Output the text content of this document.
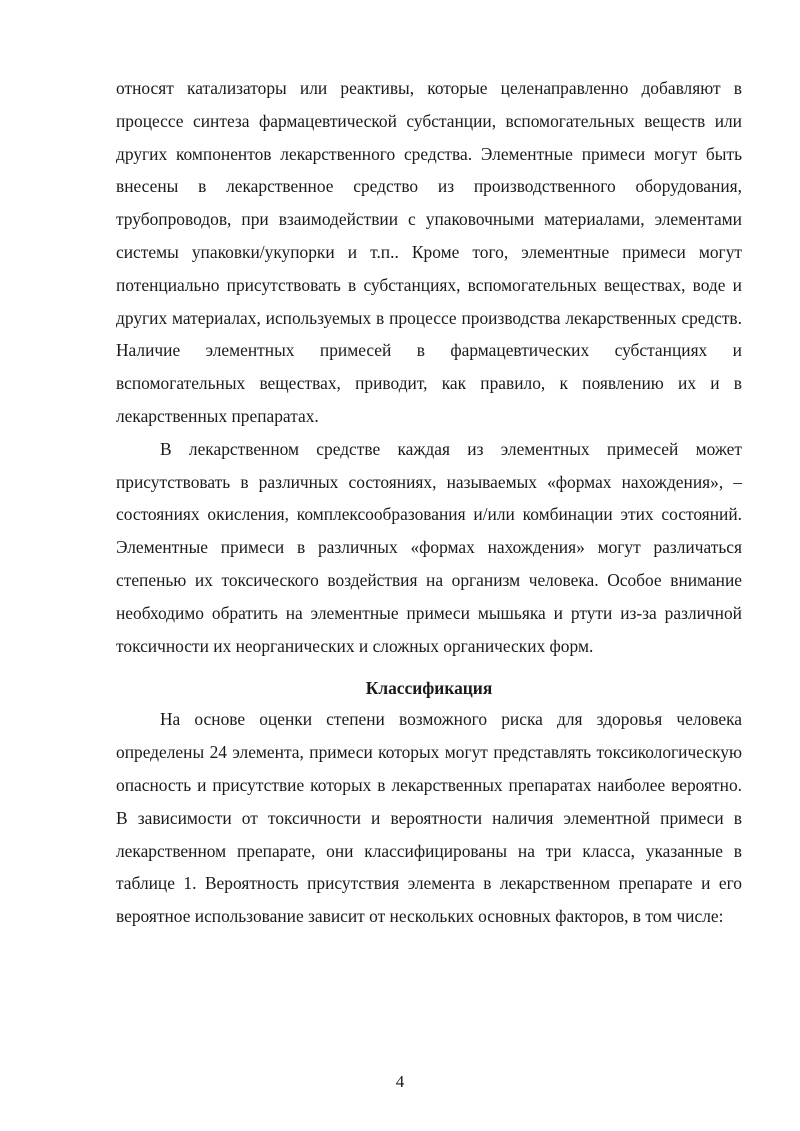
относят катализаторы или реактивы, которые целенаправленно добавляют в процессе синтеза фармацевтической субстанции, вспомогательных веществ или других компонентов лекарственного средства. Элементные примеси могут быть внесены в лекарственное средство из производственного оборудования, трубопроводов, при взаимодействии с упаковочными материалами, элементами системы упаковки/укупорки и т.п.. Кроме того, элементные примеси могут потенциально присутствовать в субстанциях, вспомогательных веществах, воде и других материалах, используемых в процессе производства лекарственных средств. Наличие элементных примесей в фармацевтических субстанциях и вспомогательных веществах, приводит, как правило, к появлению их и в лекарственных препаратах.

В лекарственном средстве каждая из элементных примесей может присутствовать в различных состояниях, называемых «формах нахождения», – состояниях окисления, комплексообразования и/или комбинации этих состояний. Элементные примеси в различных «формах нахождения» могут различаться степенью их токсического воздействия на организм человека. Особое внимание необходимо обратить на элементные примеси мышьяка и ртути из-за различной токсичности их неорганических и сложных органических форм.

Классификация

На основе оценки степени возможного риска для здоровья человека определены 24 элемента, примеси которых могут представлять токсикологическую опасность и присутствие которых в лекарственных препаратах наиболее вероятно. В зависимости от токсичности и вероятности наличия элементной примеси в лекарственном препарате, они классифицированы на три класса, указанные в таблице 1. Вероятность присутствия элемента в лекарственном препарате и его вероятное использование зависит от нескольких основных факторов, в том числе:

4
